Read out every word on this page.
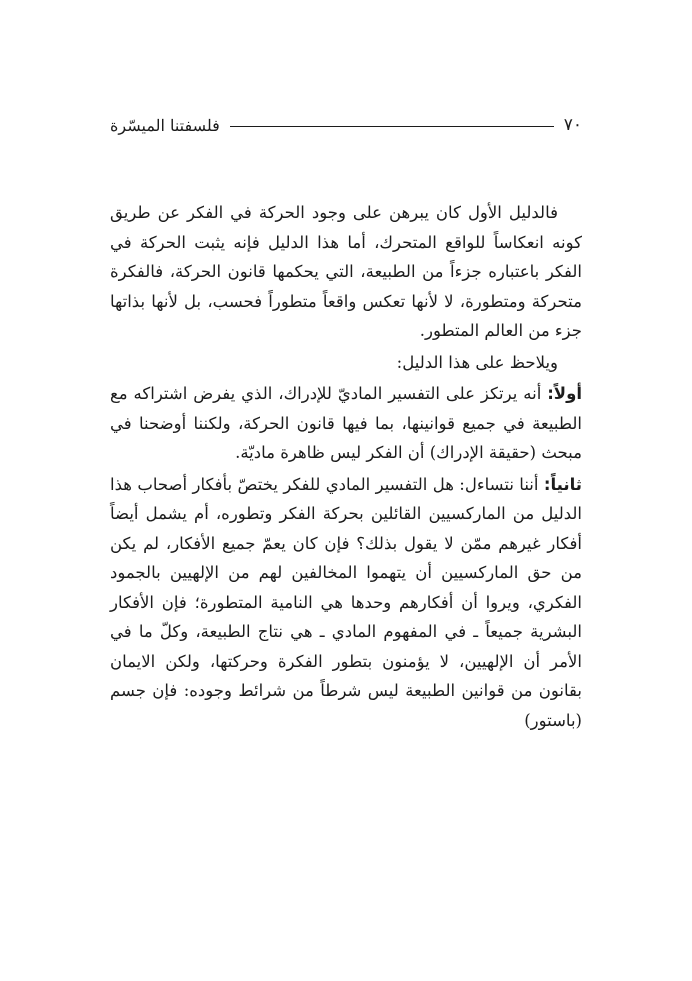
٧٠
فلسفتنا الميسّرة

فالدليل الأول كان يبرهن على وجود الحركة في الفكر عن طريق كونه انعكاساً للواقع المتحرك، أما هذا الدليل فإنه يثبت الحركة في الفكر باعتباره جزءاً من الطبيعة، التي يحكمها قانون الحركة، فالفكرة متحركة ومتطورة، لا لأنها تعكس واقعاً متطوراً فحسب، بل لأنها بذاتها جزء من العالم المتطور.

ويلاحظ على هذا الدليل:

أولاً: أنه يرتكز على التفسير الماديّ للإدراك، الذي يفرض اشتراكه مع الطبيعة في جميع قوانينها، بما فيها قانون الحركة، ولكننا أوضحنا في مبحث (حقيقة الإدراك) أن الفكر ليس ظاهرة ماديّة.

ثانياً: أننا نتساءل: هل التفسير المادي للفكر يختصّ بأفكار أصحاب هذا الدليل من الماركسيين القائلين بحركة الفكر وتطوره، أم يشمل أيضاً أفكار غيرهم ممّن لا يقول بذلك؟ فإن كان يعمّ جميع الأفكار، لم يكن من حق الماركسيين أن يتهموا المخالفين لهم من الإلهيين بالجمود الفكري، ويروا أن أفكارهم وحدها هي النامية المتطورة؛ فإن الأفكار البشرية جميعاً ـ في المفهوم المادي ـ هي نتاج الطبيعة، وكلّ ما في الأمر أن الإلهيين، لا يؤمنون بتطور الفكرة وحركتها، ولكن الايمان بقانون من قوانين الطبيعة ليس شرطاً من شرائط وجوده: فإن جسم (باستور)
